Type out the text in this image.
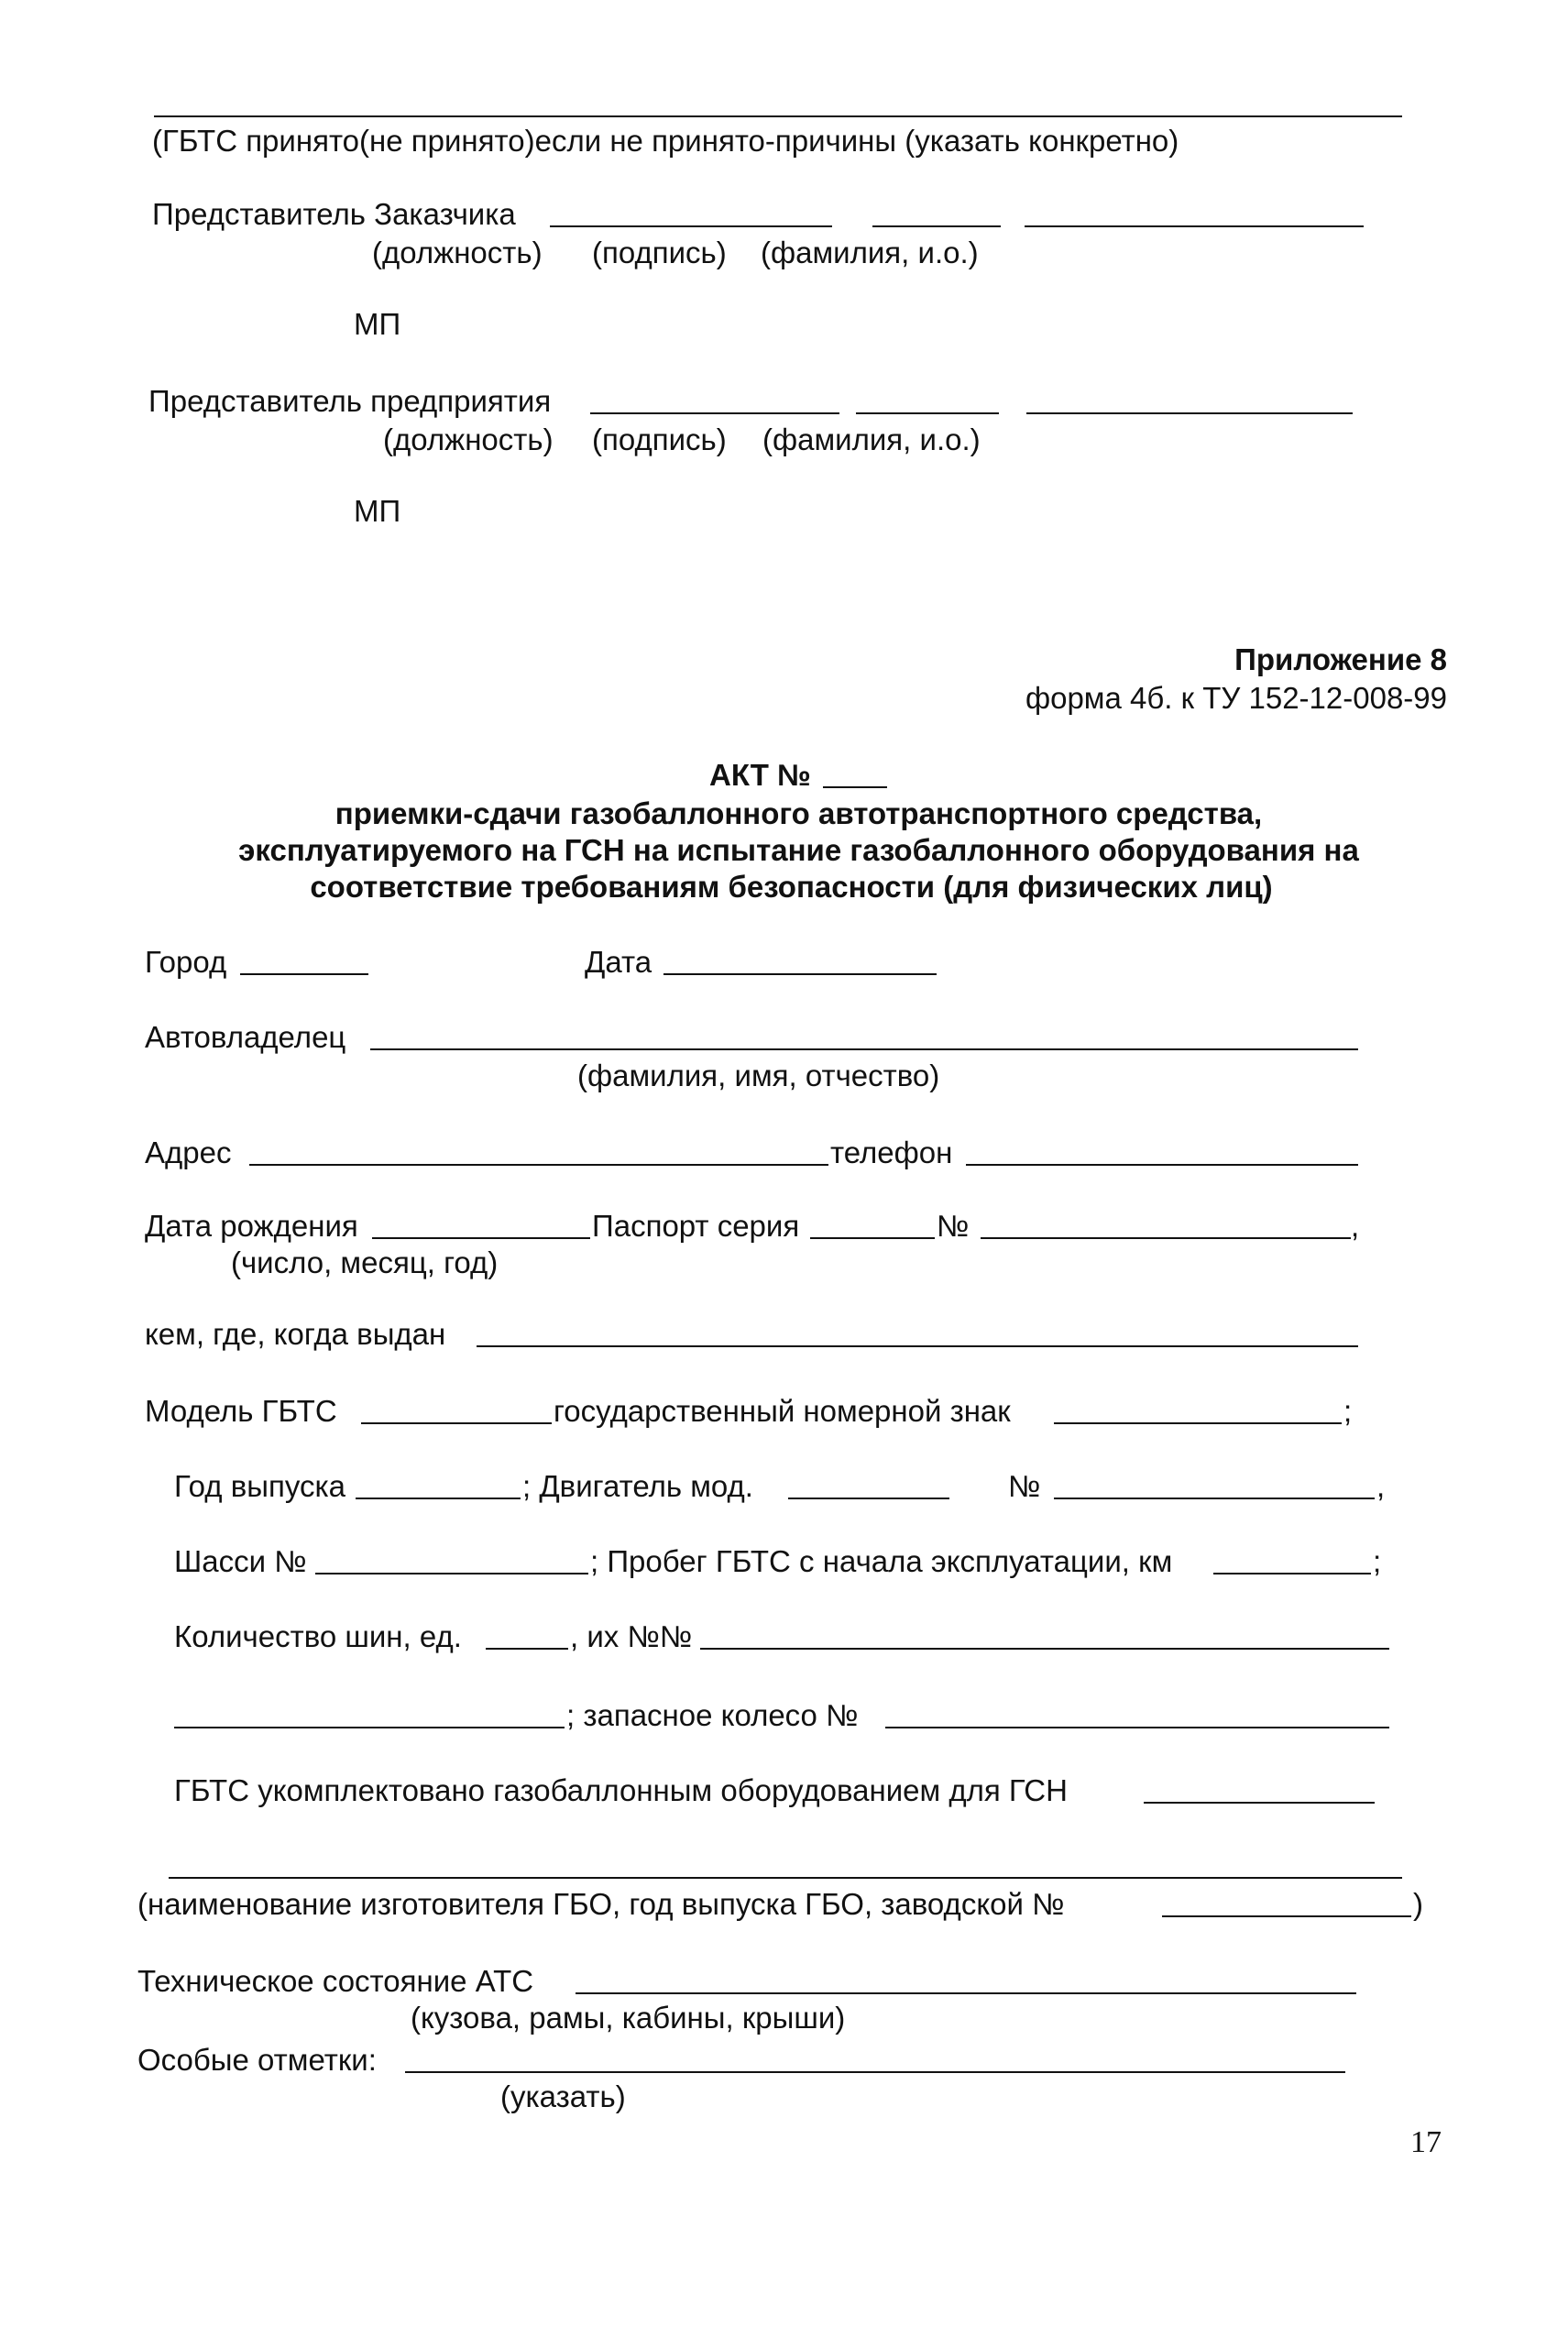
(ГБТС принято(не принято)если не принято-причины (указать конкретно)
Представитель Заказчика
(должность) (подпись) (фамилия, и.о.)
МП
Представитель предприятия
(должность) (подпись) (фамилия, и.о.)
МП
Приложение 8
форма 4б. к ТУ 152-12-008-99
АКТ №
приемки-сдачи газобаллонного автотранспортного средства,
эксплуатируемого на ГСН на испытание газобаллонного оборудования на
соответствие требованиям безопасности (для физических лиц)
Город	Дата
Автовладелец
(фамилия, имя, отчество)
Адрес	телефон
Дата рождения	Паспорт серия	№	,
(число, месяц, год)
кем, где, когда выдан
Модель ГБТС	государственный номерной знак	;
Год выпуска	; Двигатель мод.	№	,
Шасси №	; Пробег ГБТС с начала эксплуатации, км	;
Количество шин, ед.	, их №№
; запасное колесо №
ГБТС укомплектовано газобаллонным оборудованием для ГСН
(наименование изготовителя ГБО, год выпуска ГБО, заводской №	)
Техническое состояние АТС
(кузова, рамы, кабины, крыши)
Особые отметки:
(указать)
17
